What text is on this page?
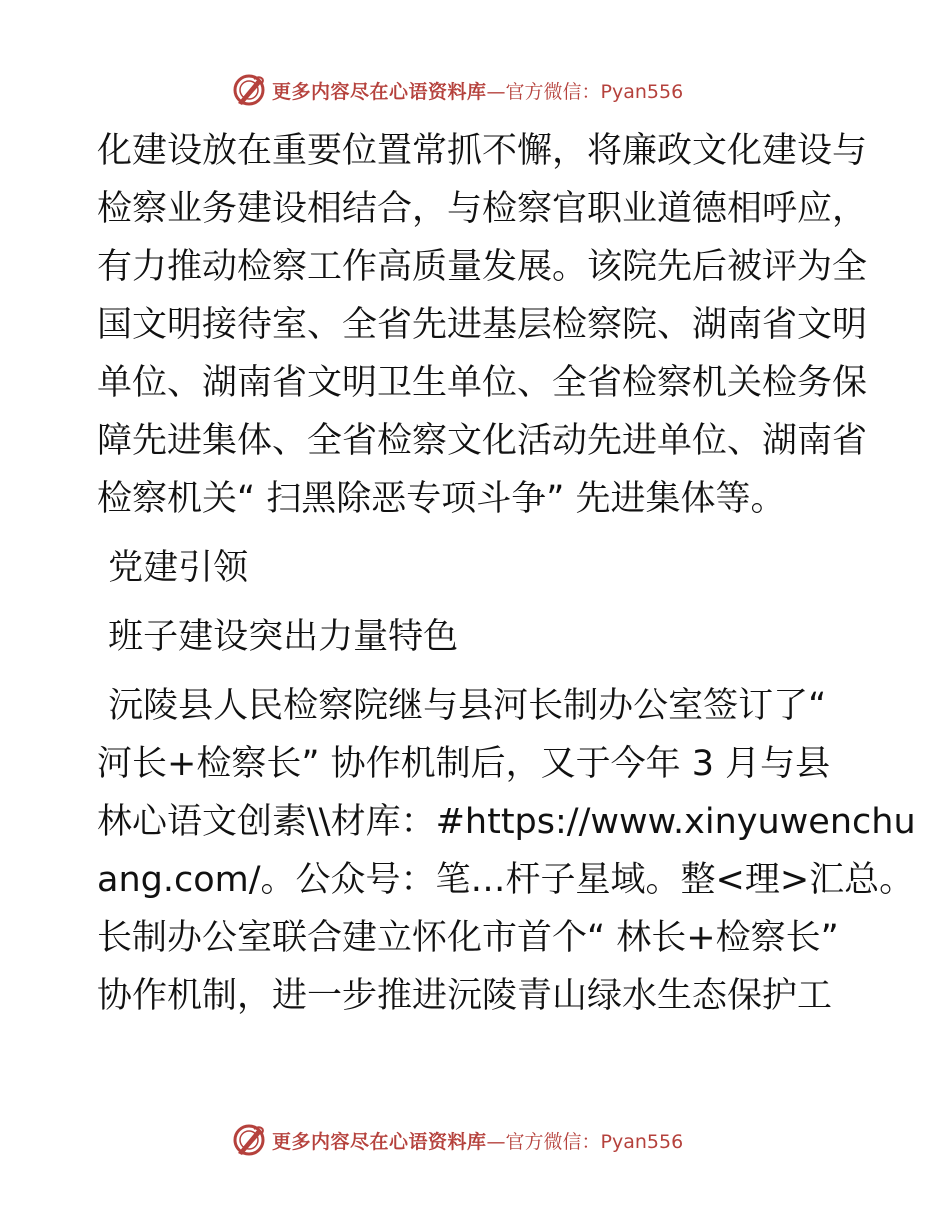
更多内容尽在心语资料库 —官方微信：Pyan556
化建设放在重要位置常抓不懈，将廉政文化建设与
检察业务建设相结合，与检察官职业道德相呼应，
有力推动检察工作高质量发展。该院先后被评为全
国文明接待室、全省先进基层检察院、湖南省文明
单位、湖南省文明卫生单位、全省检察机关检务保
障先进集体、全省检察文化活动先进单位、湖南省
检察机关“ 扫黑除恶专项斗争” 先进集体等。
党建引领
班子建设突出力量特色
沅陵县人民检察院继与县河长制办公室签订了“
河长+检察长” 协作机制后，又于今年 3 月与县
林心语文创素\\材库：#https://www.xinyuwenchu
ang.com/。公众号：笔…杆子星域。整<理>汇总。
长制办公室联合建立怀化市首个“ 林长+检察长”
协作机制，进一步推进沅陵青山绿水生态保护工
更多内容尽在心语资料库 —官方微信：Pyan556
